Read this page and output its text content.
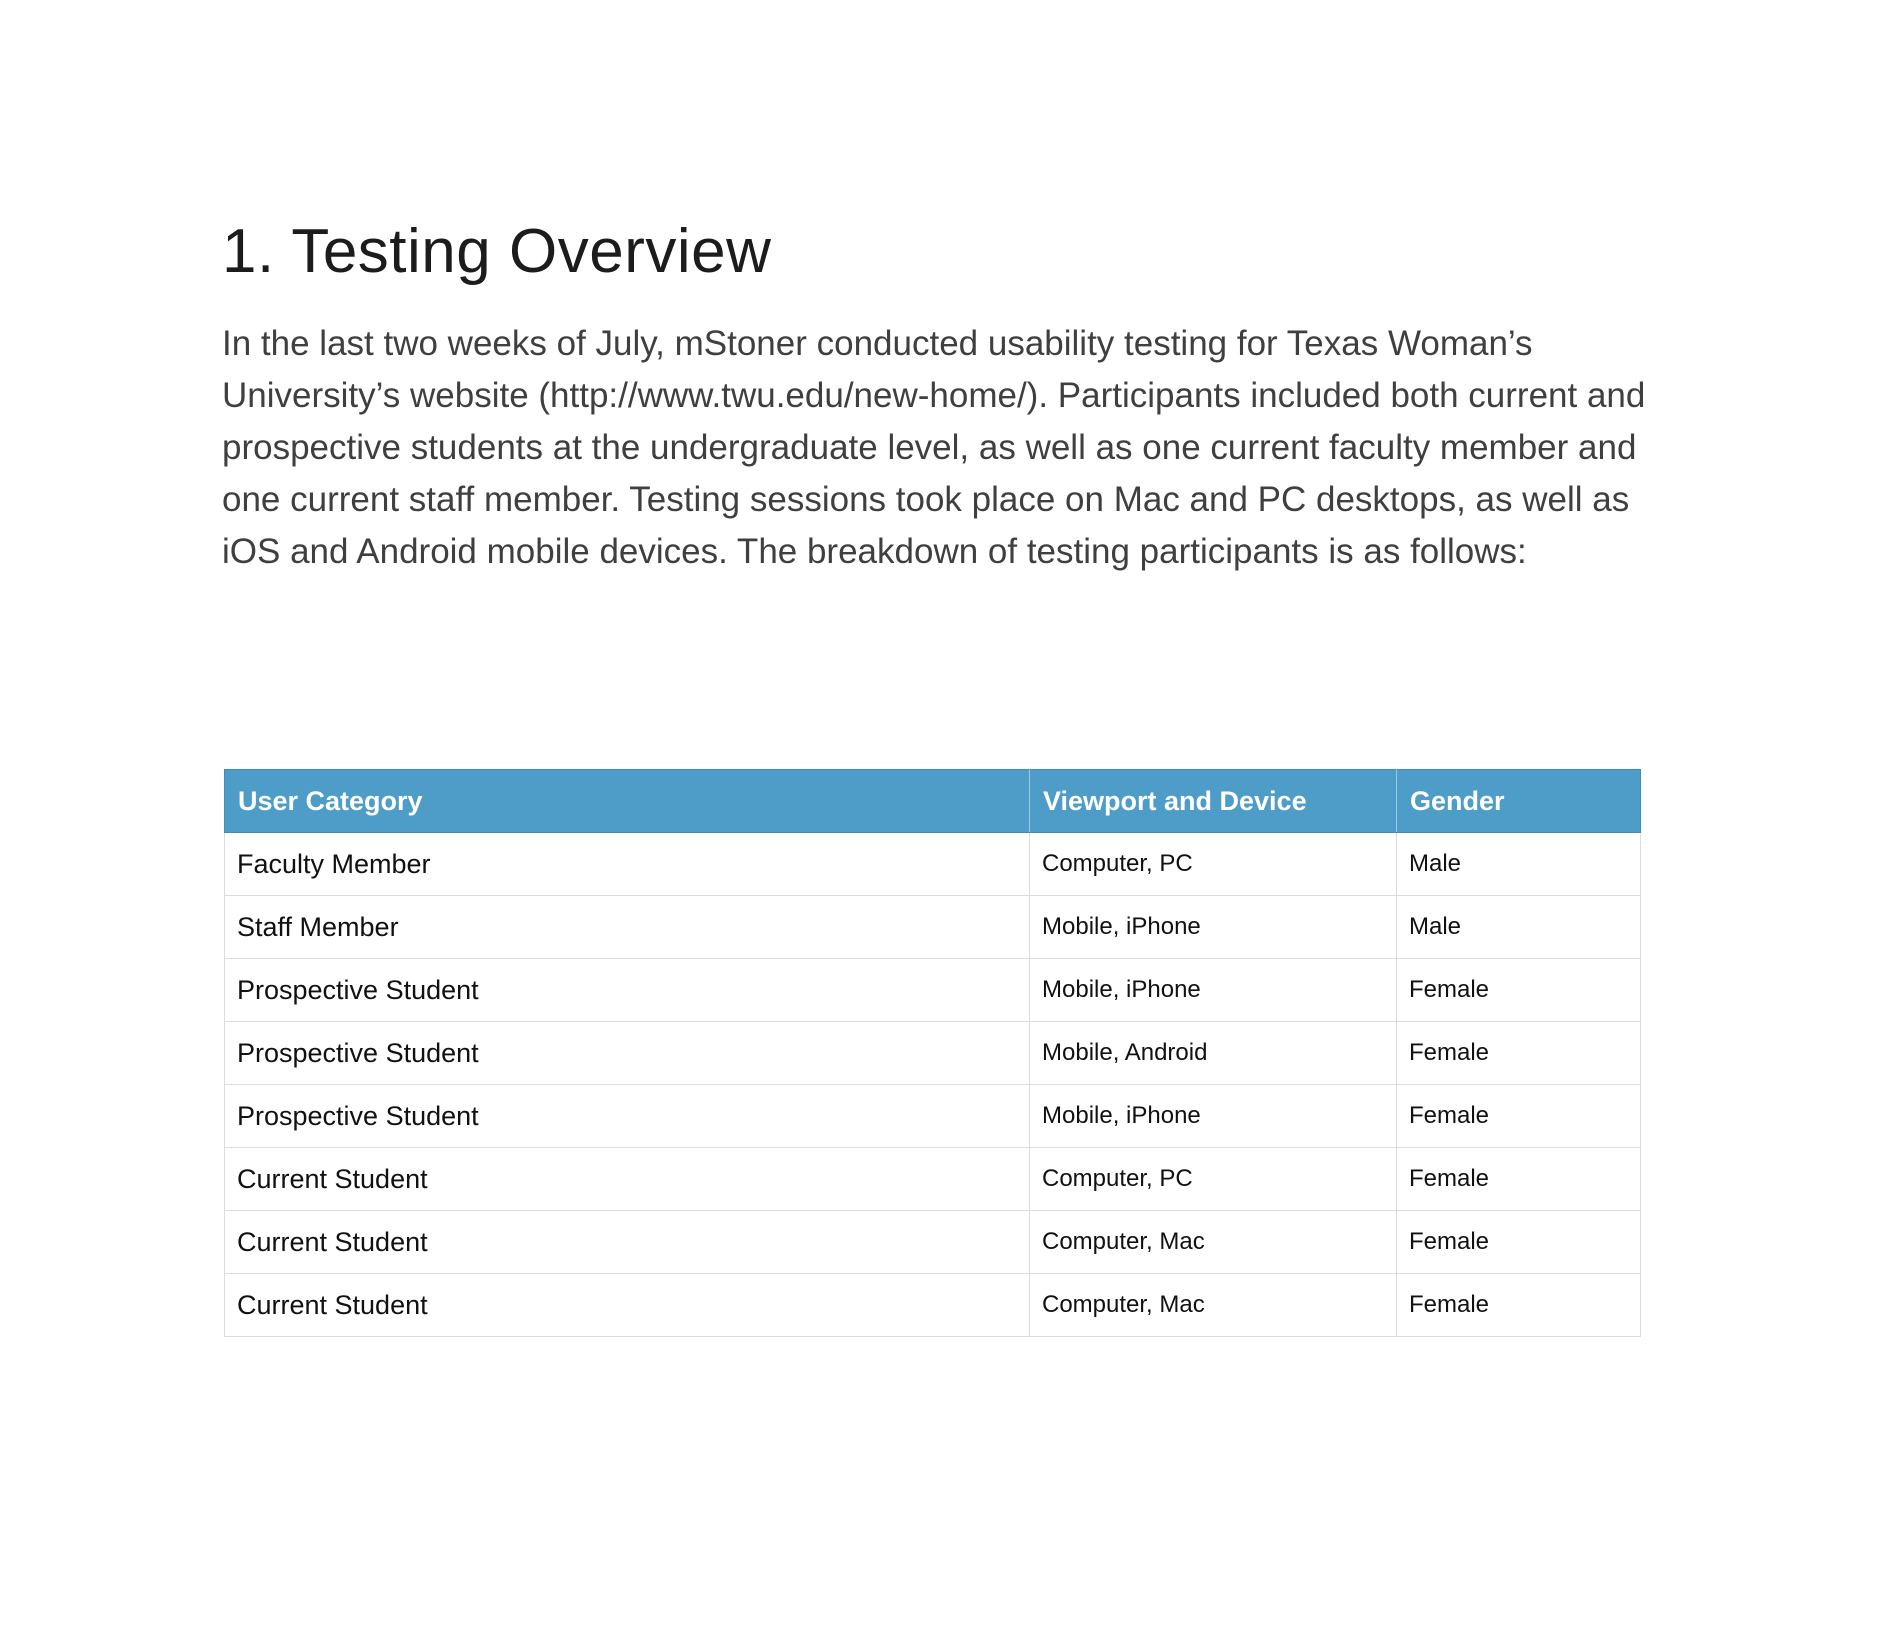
1. Testing Overview

In the last two weeks of July, mStoner conducted usability testing for Texas Woman’s University’s website (http://www.twu.edu/new-home/). Participants included both current and prospective students at the undergraduate level, as well as one current faculty member and one current staff member. Testing sessions took place on Mac and PC desktops, as well as iOS and Android mobile devices. The breakdown of testing participants is as follows:

User Category	Viewport and Device	Gender
Faculty Member	Computer, PC	Male
Staff Member	Mobile, iPhone	Male
Prospective Student	Mobile, iPhone	Female
Prospective Student	Mobile, Android	Female
Prospective Student	Mobile, iPhone	Female
Current Student	Computer, PC	Female
Current Student	Computer, Mac	Female
Current Student	Computer, Mac	Female
